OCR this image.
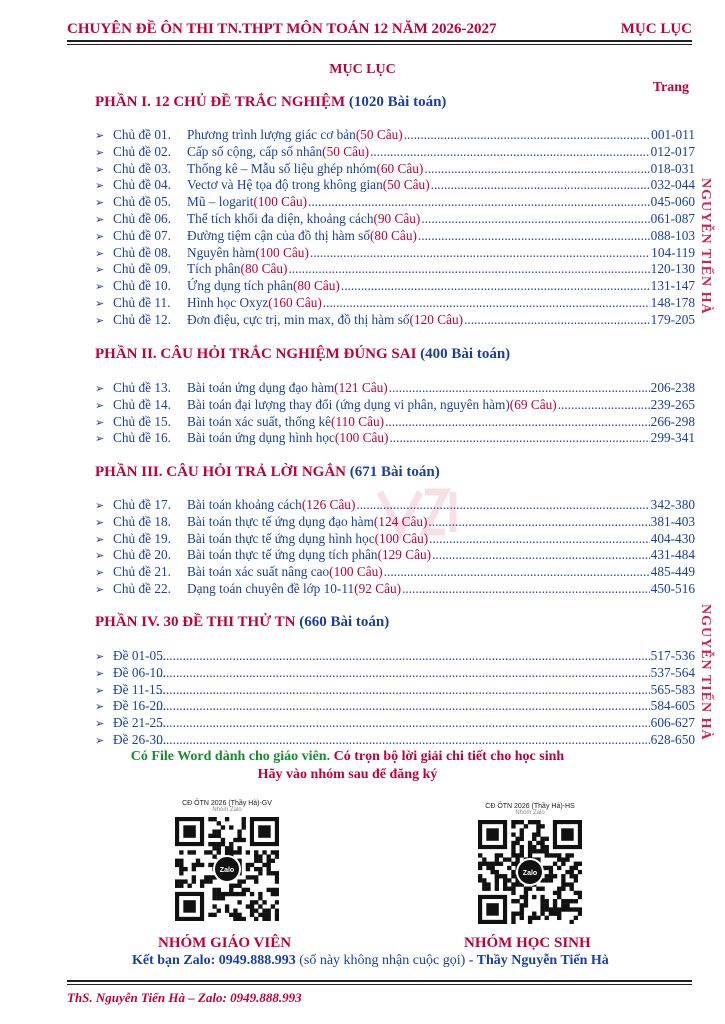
CHUYÊN ĐỀ ÔN THI TN.THPT MÔN TOÁN 12 NĂM 2026-2027	MỤC LỤC
MỤC LỤC
Trang
NGUYỄN TIẾN HÀ
NGUYỄN TIẾN HÀ
PHẦN I. 12 CHỦ ĐỀ TRẮC NGHIỆM (1020 Bài toán)
➢ Chủ đề 01.	Phương trình lượng giác cơ bản (50 Câu) .....	001-011
➢ Chủ đề 02.	Cấp số cộng, cấp số nhân (50 Câu) .....	012-017
➢ Chủ đề 03.	Thống kê – Mẫu số liệu ghép nhóm (60 Câu) .....	018-031
➢ Chủ đề 04.	Vectơ và Hệ tọa độ trong không gian (50 Câu) .....	032-044
➢ Chủ đề 05.	Mũ – logarit (100 Câu) .....	045-060
➢ Chủ đề 06.	Thể tích khối đa diện, khoảng cách (90 Câu) .....	061-087
➢ Chủ đề 07.	Đường tiệm cận của đồ thị hàm số (80 Câu) .....	088-103
➢ Chủ đề 08.	Nguyên hàm (100 Câu) .....	104-119
➢ Chủ đề 09.	Tích phân (80 Câu) .....	120-130
➢ Chủ đề 10.	Ứng dụng tích phân (80 Câu) .....	131-147
➢ Chủ đề 11.	Hình học Oxyz (160 Câu) .....	148-178
➢ Chủ đề 12.	Đơn điệu, cực trị, min max, đồ thị hàm số (120 Câu) .....	179-205
PHẦN II. CÂU HỎI TRẮC NGHIỆM ĐÚNG SAI (400 Bài toán)
➢ Chủ đề 13.	Bài toán ứng dụng đạo hàm (121 Câu) .....	206-238
➢ Chủ đề 14.	Bài toán đại lượng thay đổi (ứng dụng vi phân, nguyên hàm) (69 Câu) .....	239-265
➢ Chủ đề 15.	Bài toán xác suất, thống kê (110 Câu) .....	266-298
➢ Chủ đề 16.	Bài toán ứng dụng hình học (100 Câu) .....	299-341
PHẦN III. CÂU HỎI TRẢ LỜI NGẮN (671 Bài toán)
➢ Chủ đề 17.	Bài toán khoảng cách (126 Câu) .....	342-380
➢ Chủ đề 18.	Bài toán thực tế ứng dụng đạo hàm (124 Câu) .....	381-403
➢ Chủ đề 19.	Bài toán thực tế ứng dụng hình học (100 Câu) .....	404-430
➢ Chủ đề 20.	Bài toán thực tế ứng dụng tích phân (129 Câu) .....	431-484
➢ Chủ đề 21.	Bài toán xác suất nâng cao (100 Câu) .....	485-449
➢ Chủ đề 22.	Dạng toán chuyên đề lớp 10-11 (92 Câu) .....	450-516
PHẦN IV. 30 ĐỀ THI THỬ TN (660 Bài toán)
➢ Đề 01-05. .....	517-536
➢ Đề 06-10. .....	537-564
➢ Đề 11-15. .....	565-583
➢ Đề 16-20. .....	584-605
➢ Đề 21-25. .....	606-627
➢ Đề 26-30. .....	628-650
Có File Word dành cho giáo viên. Có trọn bộ lời giải chi tiết cho học sinh
Hãy vào nhóm sau để đăng ký
CĐ ÔTN 2026 (Thầy Hà)-GV
Nhóm Zalo
Zalo
NHÓM GIÁO VIÊN
CĐ ÔTN 2026 (Thầy Hà)-HS
Nhóm Zalo
Zalo
NHÓM HỌC SINH
Kết bạn Zalo: 0949.888.993 (số này không nhận cuộc gọi) - Thầy Nguyễn Tiến Hà
ThS. Nguyễn Tiến Hà – Zalo: 0949.888.993
